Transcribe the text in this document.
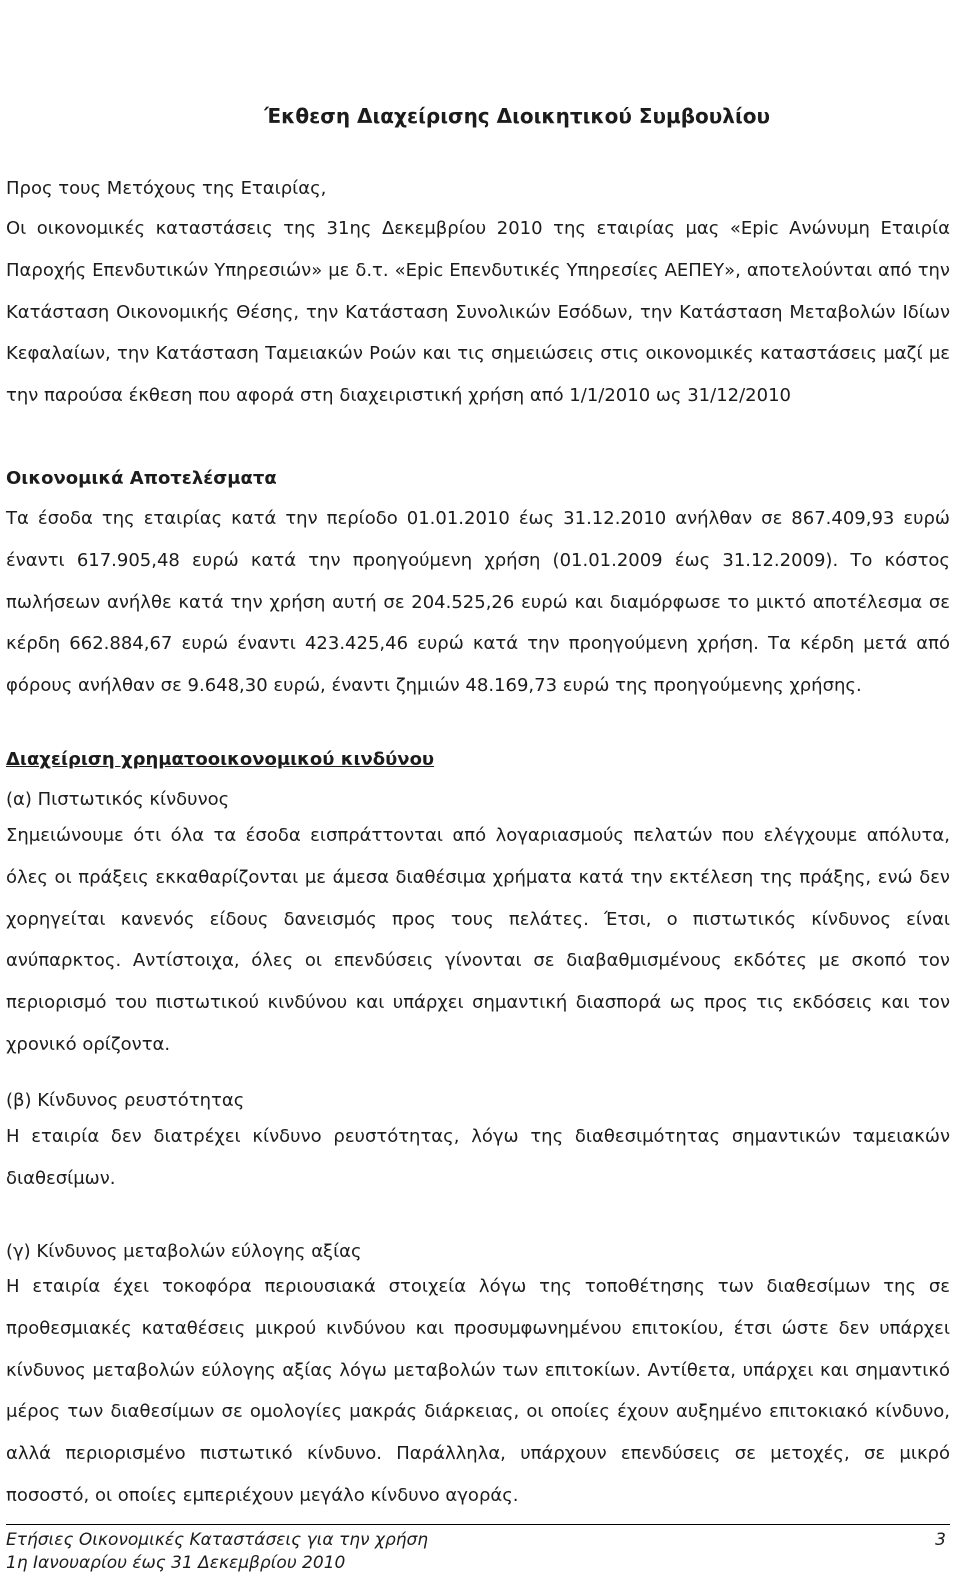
Έκθεση Διαχείρισης Διοικητικού Συμβουλίου

Προς τους Μετόχους της Εταιρίας,

Οι οικονομικές καταστάσεις της 31ης Δεκεμβρίου 2010 της εταιρίας μας «Epic Ανώνυμη Εταιρία Παροχής Επενδυτικών Υπηρεσιών» με δ.τ. «Epic Επενδυτικές Υπηρεσίες ΑΕΠΕΥ», αποτελούνται από την Κατάσταση Οικονομικής Θέσης, την Κατάσταση Συνολικών Εσόδων, την Κατάσταση Μεταβολών Ιδίων Κεφαλαίων, την Κατάσταση Ταμειακών Ροών και τις σημειώσεις στις οικονομικές καταστάσεις μαζί με την παρούσα έκθεση που αφορά στη διαχειριστική χρήση από 1/1/2010 ως 31/12/2010

Οικονομικά Αποτελέσματα

Τα έσοδα της εταιρίας κατά την περίοδο 01.01.2010 έως 31.12.2010 ανήλθαν σε 867.409,93 ευρώ έναντι 617.905,48 ευρώ κατά την προηγούμενη χρήση (01.01.2009 έως 31.12.2009). Το κόστος πωλήσεων ανήλθε κατά την χρήση αυτή σε 204.525,26 ευρώ και διαμόρφωσε το μικτό αποτέλεσμα σε κέρδη 662.884,67 ευρώ έναντι 423.425,46 ευρώ κατά την προηγούμενη χρήση. Τα κέρδη μετά από φόρους ανήλθαν σε 9.648,30 ευρώ, έναντι ζημιών 48.169,73 ευρώ της προηγούμενης χρήσης.

Διαχείριση χρηματοοικονομικού κινδύνου

(α) Πιστωτικός κίνδυνος

Σημειώνουμε ότι όλα τα έσοδα εισπράττονται από λογαριασμούς πελατών που ελέγχουμε απόλυτα, όλες οι πράξεις εκκαθαρίζονται με άμεσα διαθέσιμα χρήματα κατά την εκτέλεση της πράξης, ενώ δεν χορηγείται κανενός είδους δανεισμός προς τους πελάτες. Έτσι, ο πιστωτικός κίνδυνος είναι ανύπαρκτος. Αντίστοιχα, όλες οι επενδύσεις γίνονται σε διαβαθμισμένους εκδότες με σκοπό τον περιορισμό του πιστωτικού κινδύνου και υπάρχει σημαντική διασπορά ως προς τις εκδόσεις και τον χρονικό ορίζοντα.

(β) Κίνδυνος ρευστότητας

Η εταιρία δεν διατρέχει κίνδυνο ρευστότητας, λόγω της διαθεσιμότητας σημαντικών ταμειακών διαθεσίμων.

(γ) Κίνδυνος μεταβολών εύλογης αξίας

Η εταιρία έχει τοκοφόρα περιουσιακά στοιχεία λόγω της τοποθέτησης των διαθεσίμων της σε προθεσμιακές καταθέσεις μικρού κινδύνου και προσυμφωνημένου επιτοκίου, έτσι ώστε δεν υπάρχει κίνδυνος μεταβολών εύλογης αξίας λόγω μεταβολών των επιτοκίων. Αντίθετα, υπάρχει και σημαντικό μέρος των διαθεσίμων σε ομολογίες μακράς διάρκειας, οι οποίες έχουν αυξημένο επιτοκιακό κίνδυνο, αλλά περιορισμένο πιστωτικό κίνδυνο. Παράλληλα, υπάρχουν επενδύσεις σε μετοχές, σε μικρό ποσοστό, οι οποίες εμπεριέχουν μεγάλο κίνδυνο αγοράς.

Ετήσιες Οικονομικές Καταστάσεις για την χρήση	3
1η Ιανουαρίου έως 31 Δεκεμβρίου 2010
